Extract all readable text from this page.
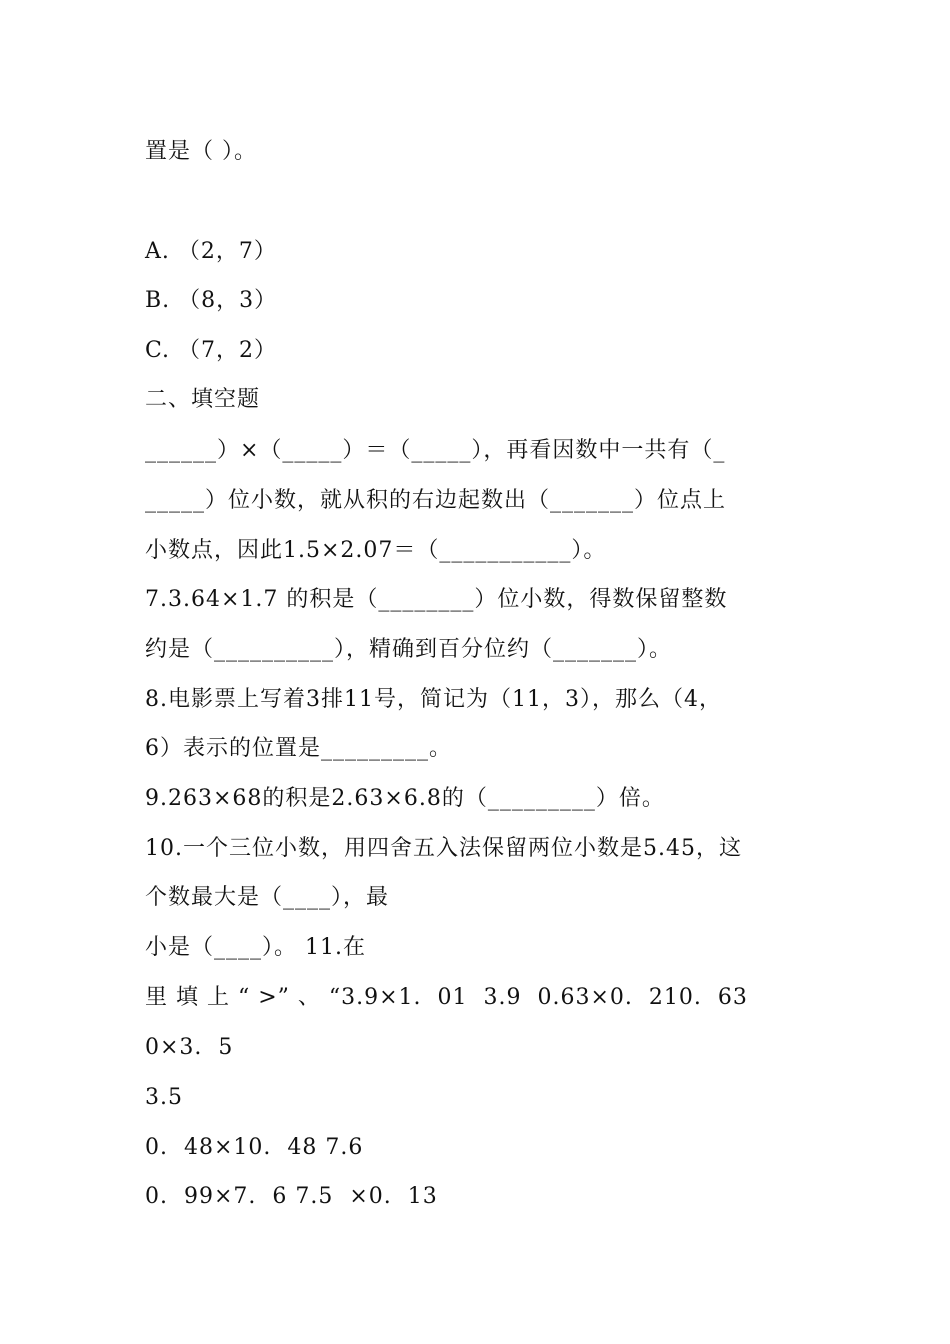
置是（ ）。
A. （2，7）
B. （8，3）
C. （7，2）
二、填空题
______）×（_____）＝（_____），再看因数中一共有（_
_____）位小数，就从积的右边起数出（_______）位点上
小数点，因此1.5×2.07＝（___________）。
7.3.64×1.7 的积是（________）位小数，得数保留整数
约是（__________），精确到百分位约（_______）。
8.电影票上写着3排11号，简记为（11，3），那么（4，
6）表示的位置是_________。
9.263×68的积是2.63×6.8的（_________）倍。
10.一个三位小数，用四舍五入法保留两位小数是5.45，这
个数最大是（____），最
小是（____）。 11.在
里 填 上 “ >” 、 “3.9×1.  01  3.9  0.63×0.  210.  63
0×3.  5
3.5
0.  48×10.  48 7.6
0.  99×7.  6 7.5  ×0.  13
